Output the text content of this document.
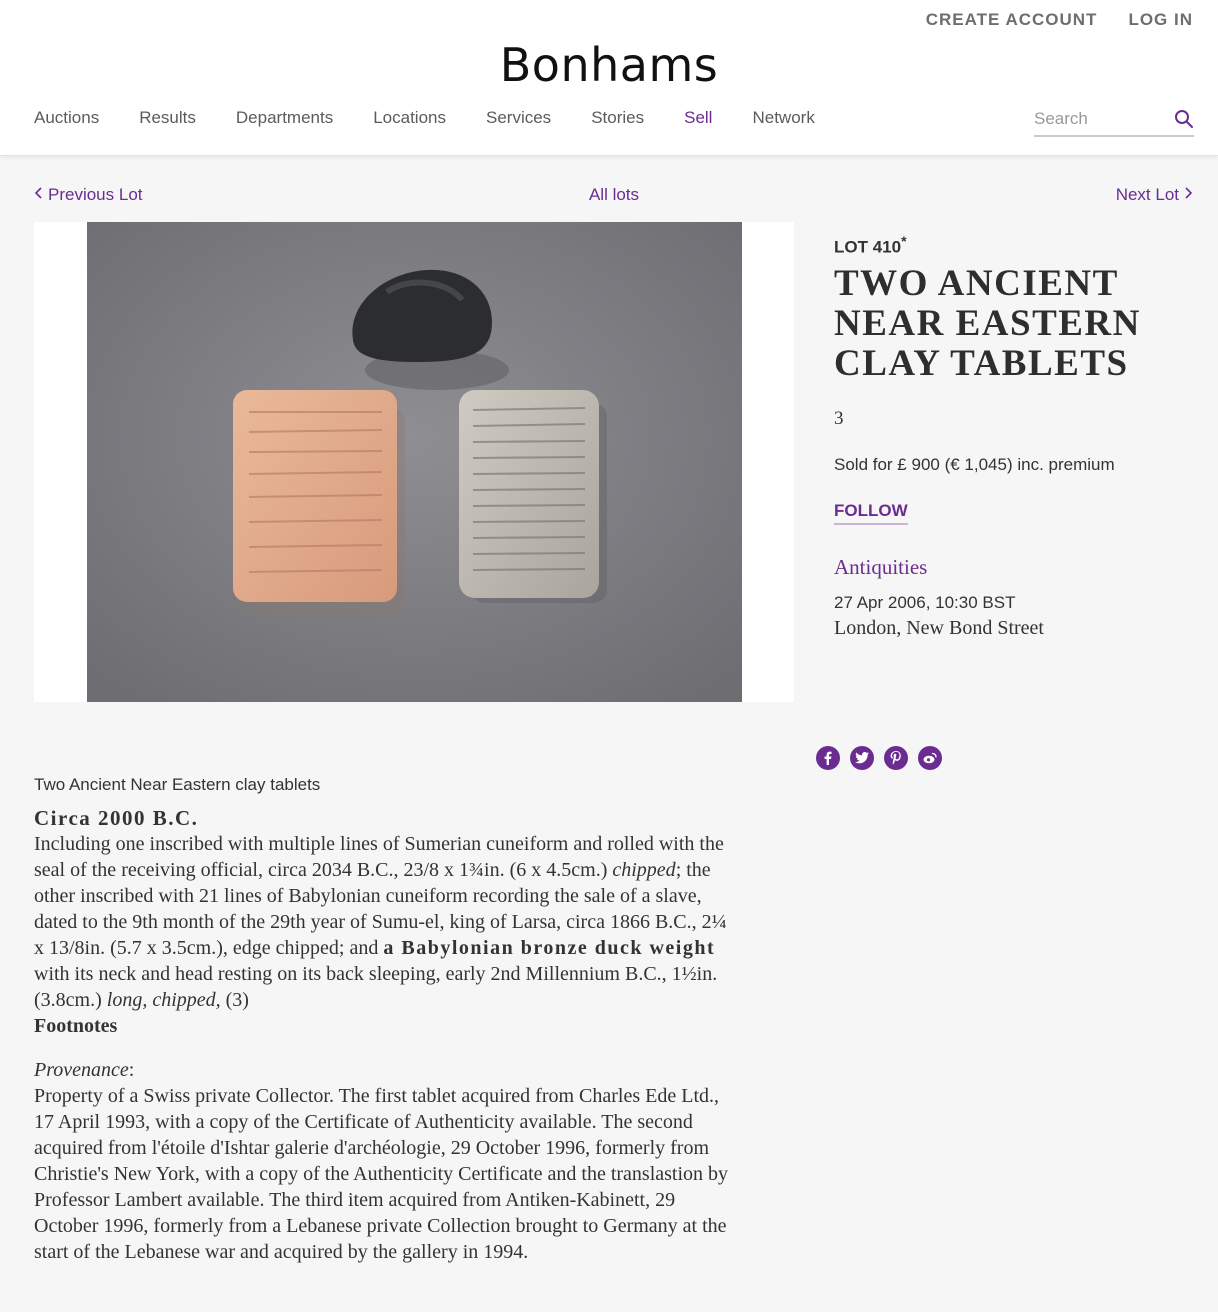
CREATE ACCOUNT LOG IN
Bonhams
Auctions Results Departments Locations Services Stories Sell Network
Search
Previous Lot	All lots	Next Lot
LOT 410*
TWO ANCIENT NEAR EASTERN CLAY TABLETS
3
Sold for £ 900 (€ 1,045) inc. premium
FOLLOW
Antiquities
27 Apr 2006, 10:30 BST
London, New Bond Street
Two Ancient Near Eastern clay tablets
Circa 2000 B.C.
Including one inscribed with multiple lines of Sumerian cuneiform and rolled with the seal of the receiving official, circa 2034 B.C., 23/8 x 1¾in. (6 x 4.5cm.) chipped; the other inscribed with 21 lines of Babylonian cuneiform recording the sale of a slave, dated to the 9th month of the 29th year of Sumu-el, king of Larsa, circa 1866 B.C., 2¼ x 13/8in. (5.7 x 3.5cm.), edge chipped; and a Babylonian bronze duck weight with its neck and head resting on its back sleeping, early 2nd Millennium B.C., 1½in. (3.8cm.) long, chipped, (3)
Footnotes
Provenance:
Property of a Swiss private Collector. The first tablet acquired from Charles Ede Ltd., 17 April 1993, with a copy of the Certificate of Authenticity available. The second acquired from l'étoile d'Ishtar galerie d'archéologie, 29 October 1996, formerly from Christie's New York, with a copy of the Authenticity Certificate and the translastion by Professor Lambert available. The third item acquired from Antiken-Kabinett, 29 October 1996, formerly from a Lebanese private Collection brought to Germany at the start of the Lebanese war and acquired by the gallery in 1994.
